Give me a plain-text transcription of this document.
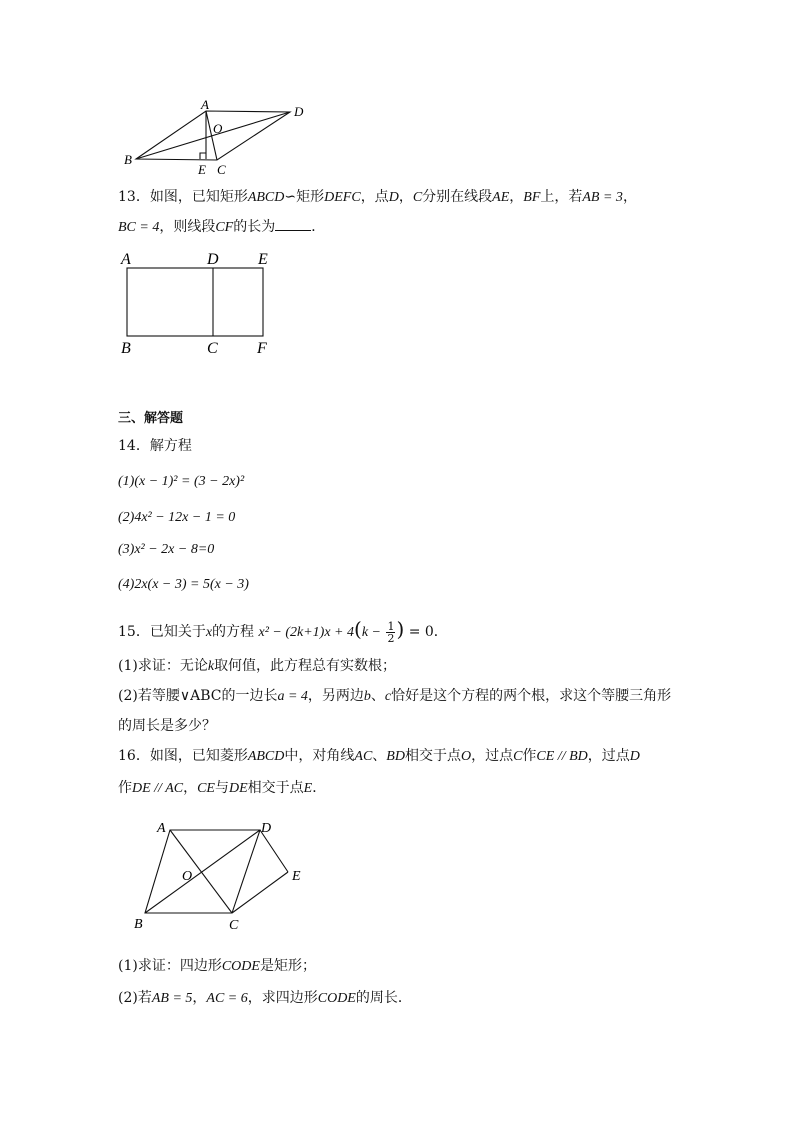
A	D
O
B
E C
13．如图，已知矩形ABCD∽矩形DEFC，点D，C分别在线段AE，BF上，若AB = 3，
BC = 4，则线段CF的长为	．
A	D E
B	C F
三、解答题
14．解方程
(1)(x − 1)² = (3 − 2x)²
(2)4x² − 12x − 1 = 0
(3)x² − 2x − 8=0
(4)2x(x − 3) = 5(x − 3)
15．已知关于x的方程 $x^2 - (2k+1)x + 4(k - \frac{1}{2}$ ) = 0．
(1)求证：无论k取何值，此方程总有实数根；
(2)若等腰∨ABC的一边长a = 4，另两边b、c恰好是这个方程的两个根，求这个等腰三角形
的周长是多少？
16．如图，已知菱形ABCD中，对角线AC、BD相交于点O，过点C作CE // BD，过点D
作DE // AC，CE与DE相交于点E．
A	D
O	E
B	C
(1)求证：四边形CODE是矩形；
(2)若AB = 5，AC = 6，求四边形CODE的周长．
